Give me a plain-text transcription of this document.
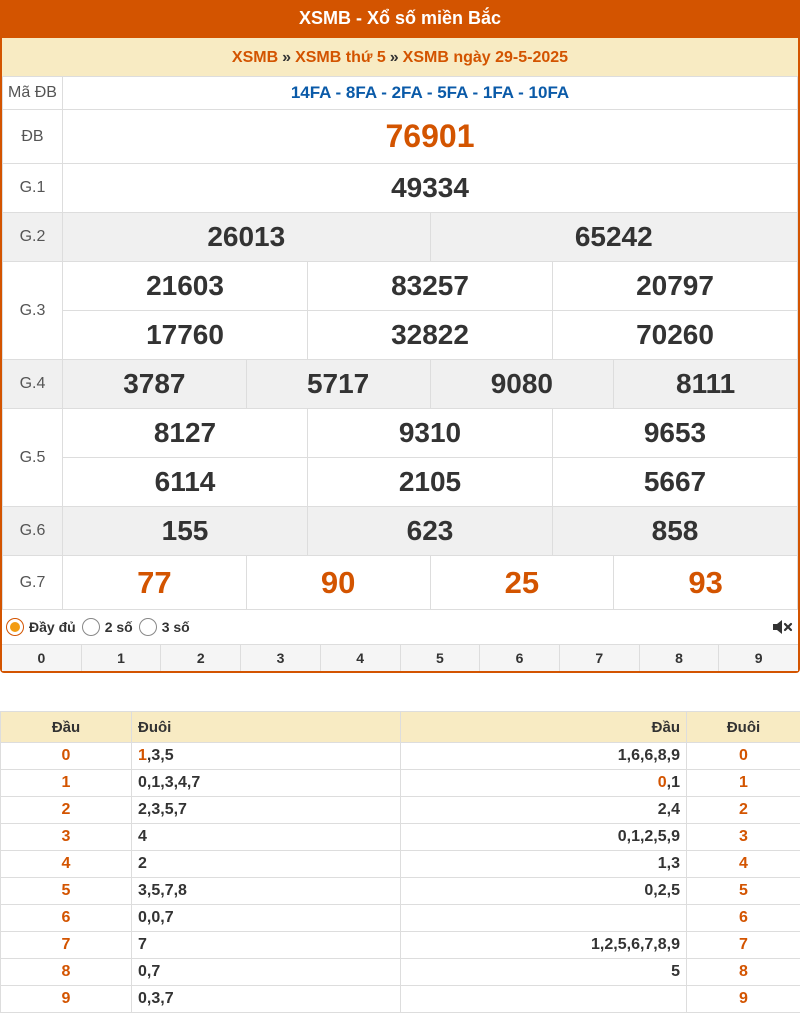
XSMB - Xổ số miền Bắc
XSMB » XSMB thứ 5 » XSMB ngày 29-5-2025
Mã ĐB	14FA - 8FA - 2FA - 5FA - 1FA - 10FA					
ĐB	76901					
G.1	49334					
G.2	26013			65242		
G.3	21603		83257		20797	
	17760		32822		70260	
G.4	3787	5717		9080		8111
G.5	8127		9310		9653	
	6114		2105		5667	
G.6	155		623		858	
G.7	77	90		25		93
Đầy đủ 2 số 3 số
0	1	2	3	4	5	6	7	8	9
Đầu	Đuôi	Đầu	Đuôi
0	1,3,5	1,6,6,8,9	0
1	0,1,3,4,7	0,1	1
2	2,3,5,7	2,4	2
3	4	0,1,2,5,9	3
4	2	1,3	4
5	3,5,7,8	0,2,5	5
6	0,0,7		6
7	7	1,2,5,6,7,8,9	7
8	0,7	5	8
9	0,3,7		9
